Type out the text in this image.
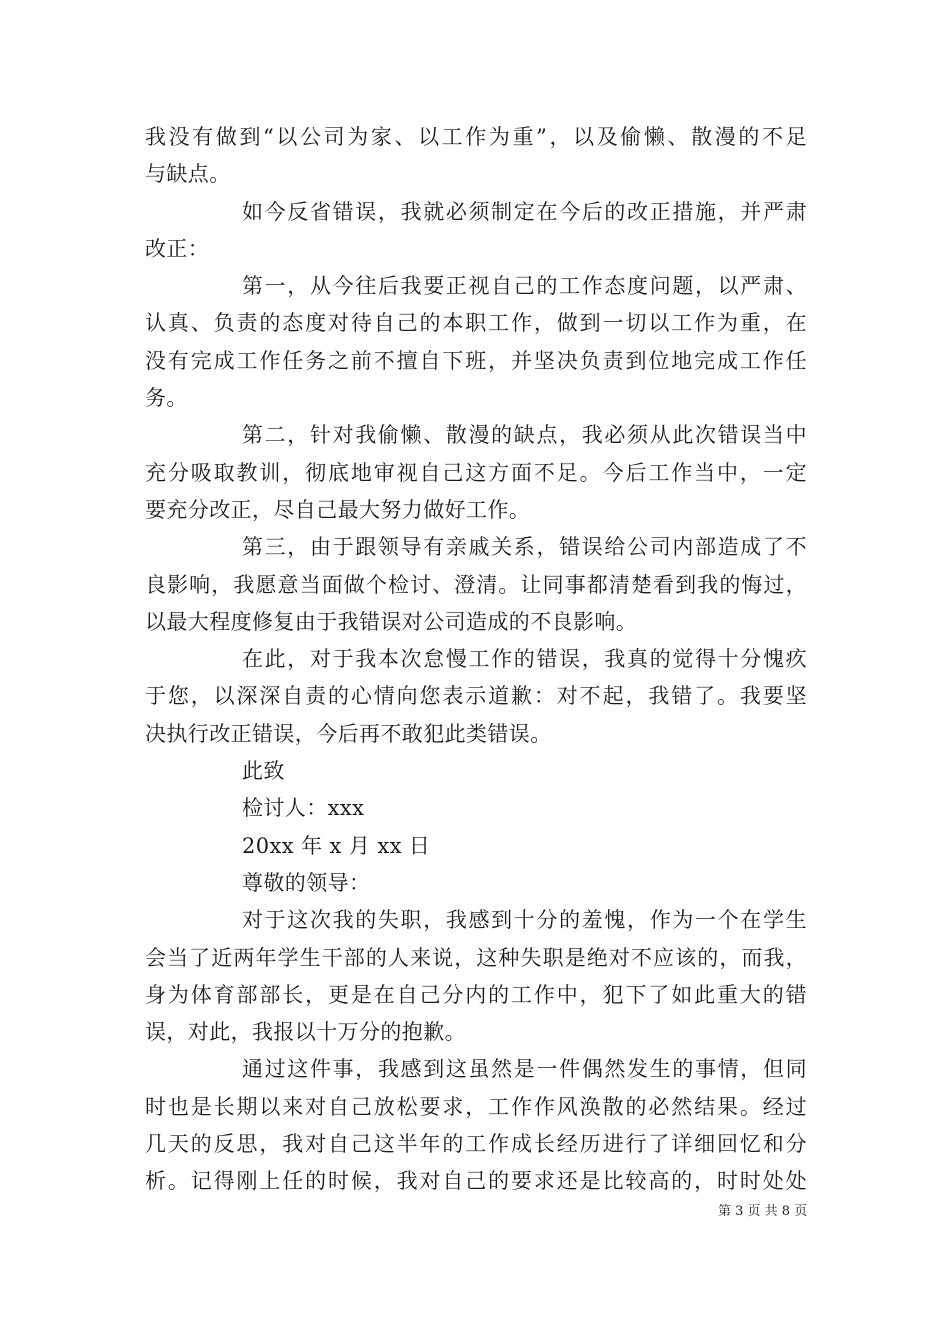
我没有做到“以公司为家、以工作为重”，以及偷懒、散漫的不足
与缺点。
如今反省错误，我就必须制定在今后的改正措施，并严肃
改正：
第一，从今往后我要正视自己的工作态度问题，以严肃、
认真、负责的态度对待自己的本职工作，做到一切以工作为重，在
没有完成工作任务之前不擅自下班，并坚决负责到位地完成工作任
务。
第二，针对我偷懒、散漫的缺点，我必须从此次错误当中
充分吸取教训，彻底地审视自己这方面不足。今后工作当中，一定
要充分改正，尽自己最大努力做好工作。
第三，由于跟领导有亲戚关系，错误给公司内部造成了不
良影响，我愿意当面做个检讨、澄清。让同事都清楚看到我的悔过，
以最大程度修复由于我错误对公司造成的不良影响。
在此，对于我本次怠慢工作的错误，我真的觉得十分愧疚
于您，以深深自责的心情向您表示道歉：对不起，我错了。我要坚
决执行改正错误，今后再不敢犯此类错误。
此致
检讨人：xxx
20xx 年 x 月 xx 日
尊敬的领导：
对于这次我的失职，我感到十分的羞愧，作为一个在学生
会当了近两年学生干部的人来说，这种失职是绝对不应该的，而我，
身为体育部部长，更是在自己分内的工作中，犯下了如此重大的错
误，对此，我报以十万分的抱歉。
通过这件事，我感到这虽然是一件偶然发生的事情，但同
时也是长期以来对自己放松要求，工作作风涣散的必然结果。经过
几天的反思，我对自己这半年的工作成长经历进行了详细回忆和分
析。记得刚上任的时候，我对自己的要求还是比较高的，时时处处
第 3 页 共 8 页
